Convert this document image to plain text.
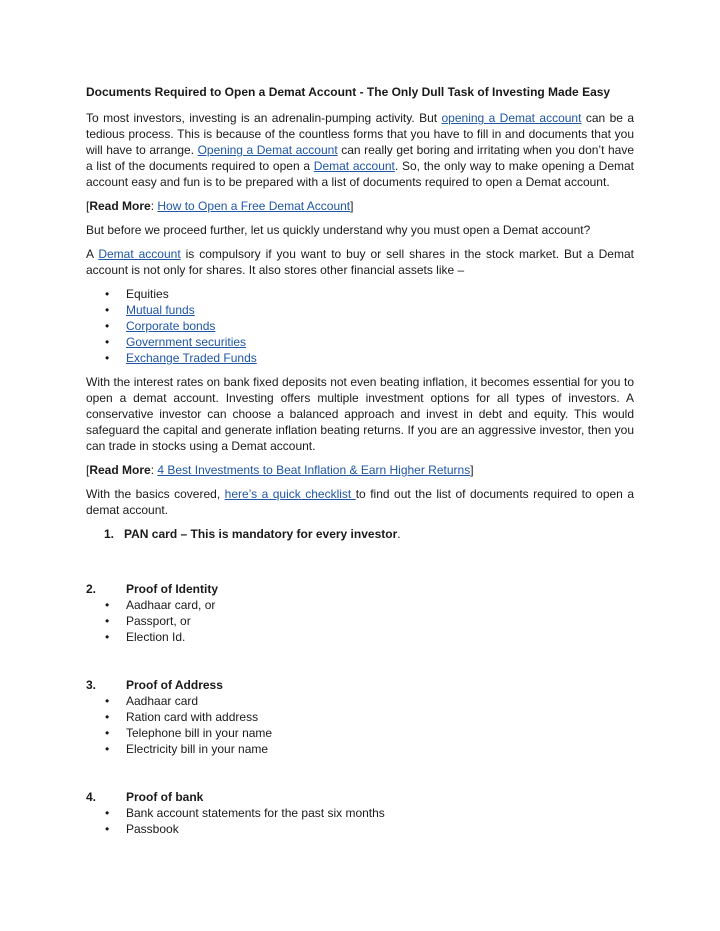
Documents Required to Open a Demat Account - The Only Dull Task of Investing Made Easy

To most investors, investing is an adrenalin-pumping activity. But opening a Demat account can be a tedious process. This is because of the countless forms that you have to fill in and documents that you will have to arrange. Opening a Demat account can really get boring and irritating when you don’t have a list of the documents required to open a Demat account. So, the only way to make opening a Demat account easy and fun is to be prepared with a list of documents required to open a Demat account.

[Read More: How to Open a Free Demat Account]

But before we proceed further, let us quickly understand why you must open a Demat account?

A Demat account is compulsory if you want to buy or sell shares in the stock market. But a Demat account is not only for shares. It also stores other financial assets like –

• Equities
• Mutual funds
• Corporate bonds
• Government securities
• Exchange Traded Funds

With the interest rates on bank fixed deposits not even beating inflation, it becomes essential for you to open a demat account. Investing offers multiple investment options for all types of investors. A conservative investor can choose a balanced approach and invest in debt and equity. This would safeguard the capital and generate inflation beating returns. If you are an aggressive investor, then you can trade in stocks using a Demat account.

[Read More: 4 Best Investments to Beat Inflation & Earn Higher Returns]

With the basics covered, here’s a quick checklist to find out the list of documents required to open a demat account.

1. PAN card – This is mandatory for every investor.

2.	Proof of Identity
• Aadhaar card, or
• Passport, or
• Election Id.
3.	Proof of Address
• Aadhaar card
• Ration card with address
• Telephone bill in your name
• Electricity bill in your name
4.	Proof of bank
• Bank account statements for the past six months
• Passbook
